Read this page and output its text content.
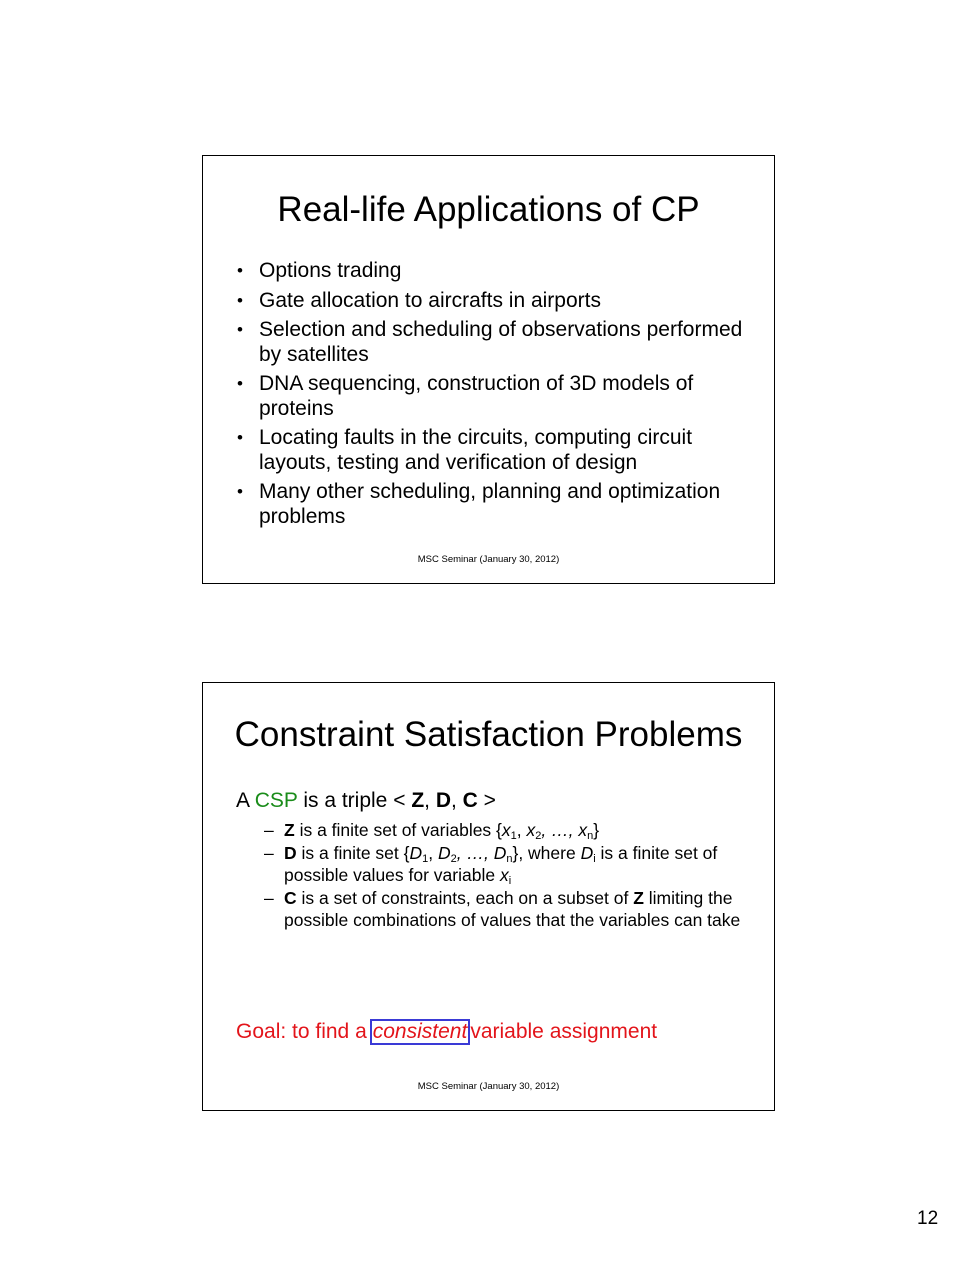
Real-life Applications of CP
• Options trading
• Gate allocation to aircrafts in airports
• Selection and scheduling of observations performed by satellites
• DNA sequencing, construction of 3D models of proteins
• Locating faults in the circuits, computing circuit layouts, testing and verification of design
• Many other scheduling, planning and optimization problems
MSC Seminar (January 30, 2012)
Constraint Satisfaction Problems
A CSP is a triple < Z, D, C >
– Z is a finite set of variables {$x_1$, $x_2$, …, $x_n$}
– D is a finite set {$D_1$, $D_2$, …, $D_n$}, where $D_i$ is a finite set of possible values for variable $x_i$
– C is a set of constraints, each on a subset of Z limiting the possible combinations of values that the variables can take
Goal: to find a consistent variable assignment
MSC Seminar (January 30, 2012)
12
